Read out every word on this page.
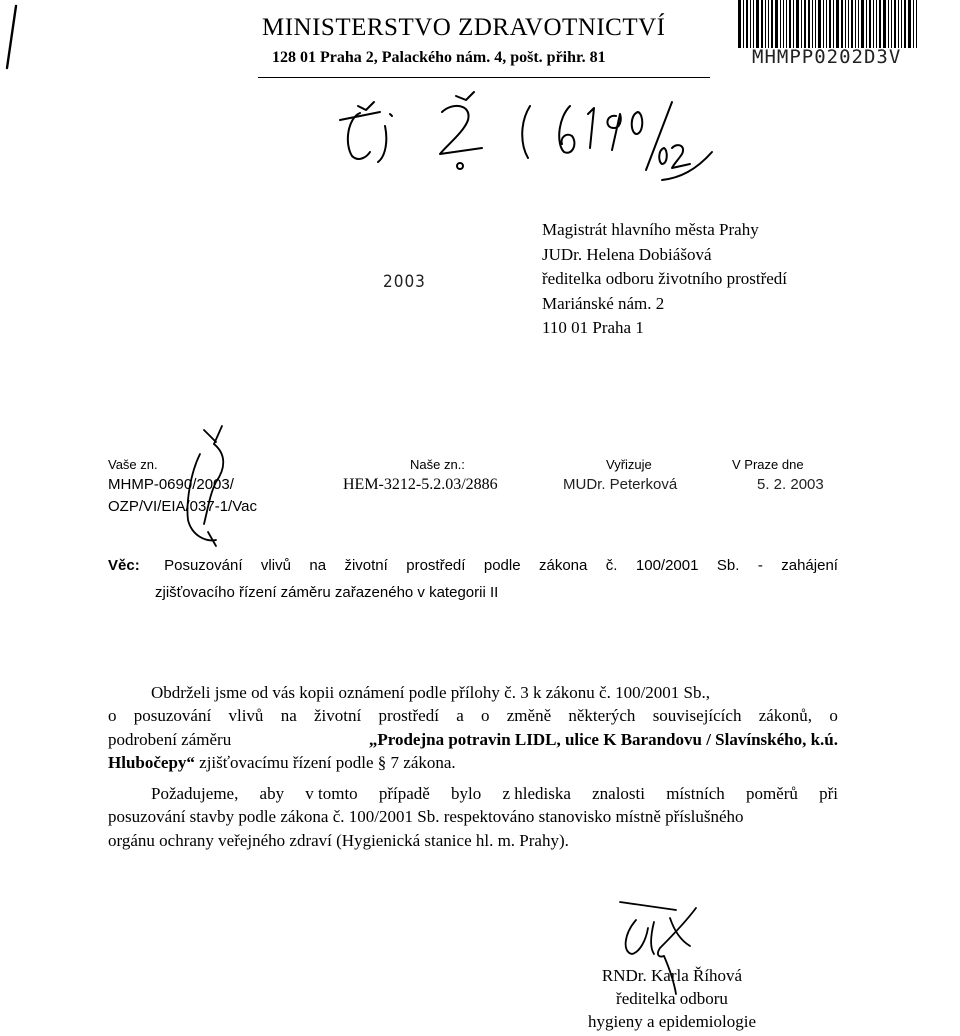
MINISTERSTVO ZDRAVOTNICTVÍ
128 01 Praha 2, Palackého nám. 4, pošt. přihr. 81	MHMPP0202D3V
2003
Magistrát hlavního města Prahy
JUDr. Helena Dobiášová
ředitelka odboru životního prostředí
Mariánské nám. 2
110 01 Praha 1
Vaše zn.
MHMP-0690/2003/
OZP/VI/EIA/037-1/Vac
Naše zn.:
HEM-3212-5.2.03/2886
Vyřizuje
MUDr. Peterková
V Praze dne
5. 2. 2003
Věc: Posuzování vlivů na životní prostředí podle zákona č. 100/2001 Sb. - zahájení
zjišťovacího řízení záměru zařazeného v kategorii II
Obdrželi jsme od vás kopii oznámení podle přílohy č. 3 k zákonu č. 100/2001 Sb.,
o posuzování vlivů na životní prostředí a o změně některých souvisejících zákonů, o
podrobení záměru	„Prodejna potravin LIDL, ulice K Barandovu / Slavínského, k.ú.
Hlubočepy“ zjišťovacímu řízení podle § 7 zákona.
Požadujeme, aby v tomto případě bylo z hlediska znalosti místních poměrů při
posuzování stavby podle zákona č. 100/2001 Sb. respektováno stanovisko místně příslušného
orgánu ochrany veřejného zdraví (Hygienická stanice hl. m. Prahy).
RNDr. Karla Říhová
ředitelka odboru
hygieny a epidemiologie
